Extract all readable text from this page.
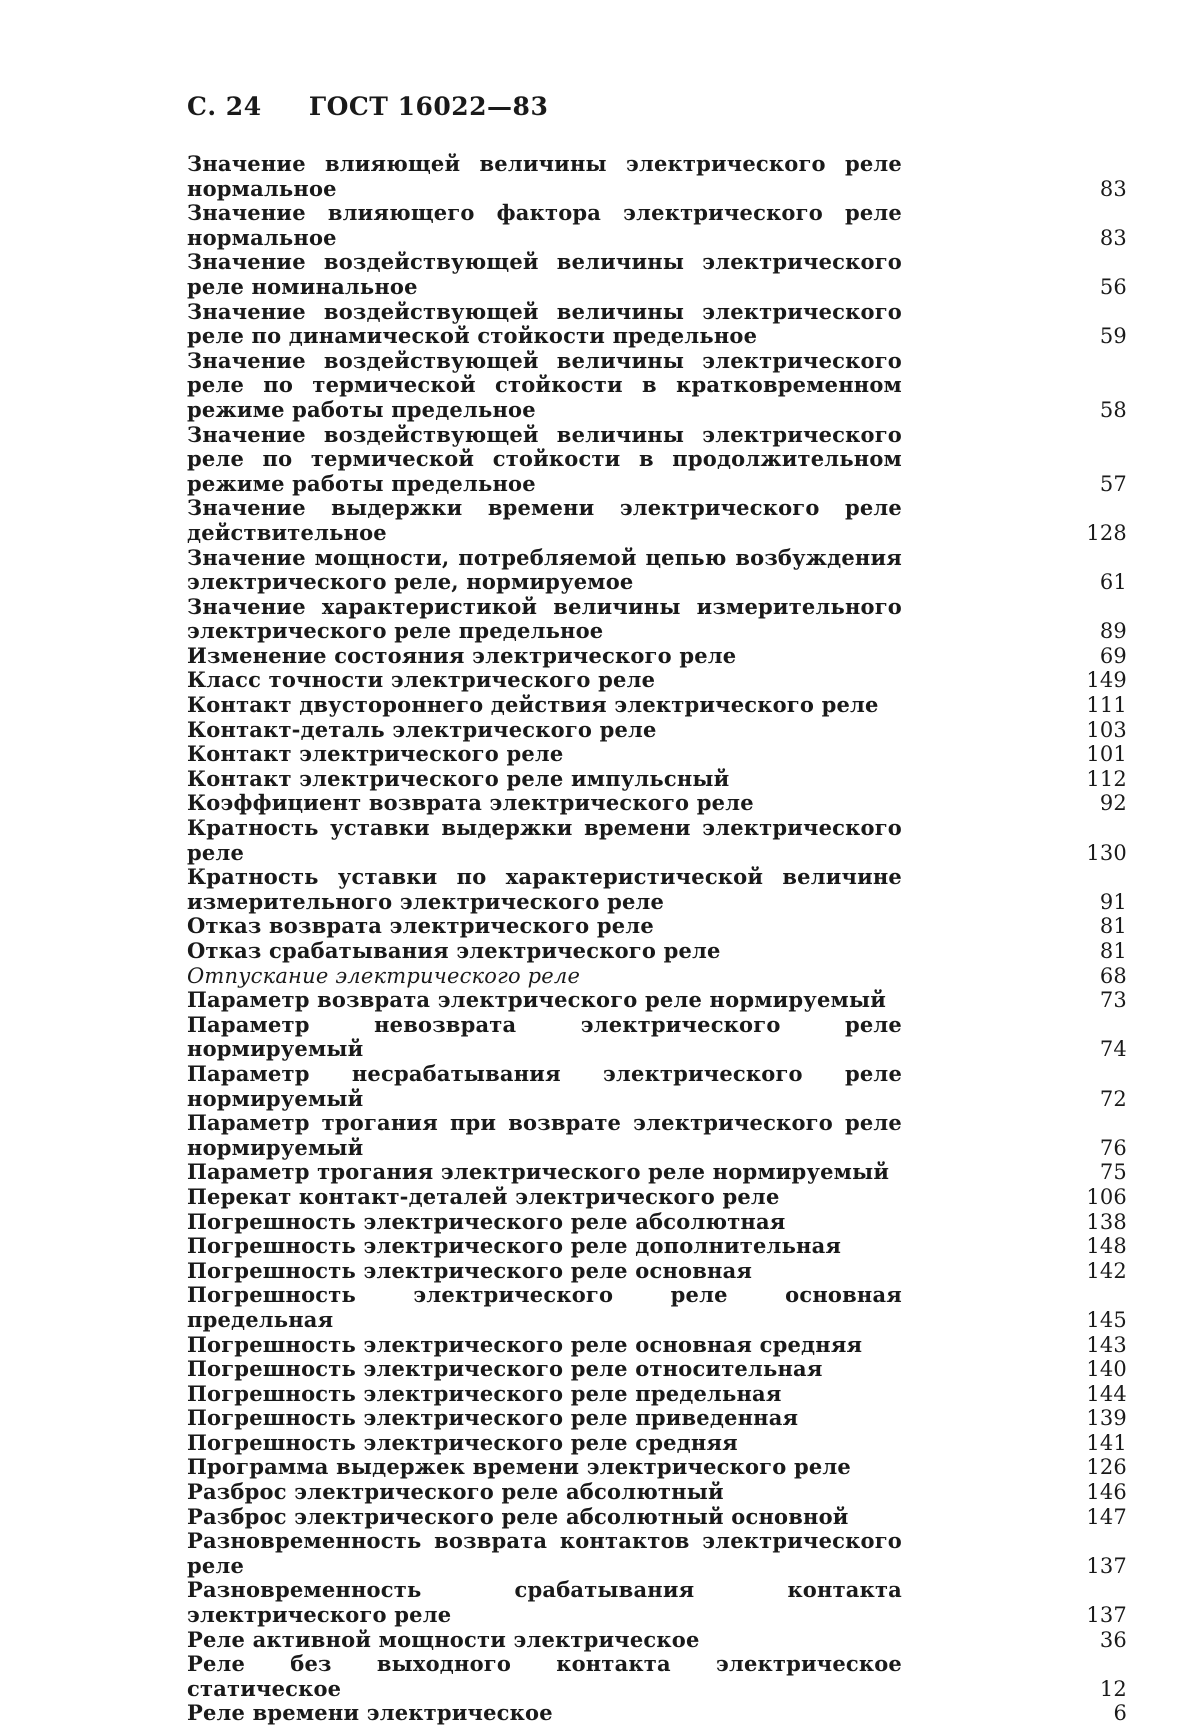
С. 24 ГОСТ 16022—83
Значение влияющей величины электрического реле нормальное	83
Значение влияющего фактора электрического реле нормальное	83
Значение воздействующей величины электрического реле номинальное	56
Значение воздействующей величины электрического реле по динамической стойкости предельное	59
Значение воздействующей величины электрического реле по термической стойкости в кратковременном режиме работы предельное	58
Значение воздействующей величины электрического реле по термической стойкости в продолжительном режиме работы предельное	57
Значение выдержки времени электрического реле действительное	128
Значение мощности, потребляемой цепью возбуждения электрического реле, нормируемое	61
Значение характеристикой величины измерительного электрического реле предельное	89
Изменение состояния электрического реле	69
Класс точности электрического реле	149
Контакт двустороннего действия электрического реле	111
Контакт-деталь электрического реле	103
Контакт электрического реле	101
Контакт электрического реле импульсный	112
Коэффициент возврата электрического реле	92
Кратность уставки выдержки времени электрического реле	130
Кратность уставки по характеристической величине измерительного электрического реле	91
Отказ возврата электрического реле	81
Отказ срабатывания электрического реле	81
Отпускание электрического реле	68
Параметр возврата электрического реле нормируемый	73
Параметр невозврата электрического реле нормируемый	74
Параметр несрабатывания электрического реле нормируемый	72
Параметр трогания при возврате электрического реле нормируемый	76
Параметр трогания электрического реле нормируемый	75
Перекат контакт-деталей электрического реле	106
Погрешность электрического реле абсолютная	138
Погрешность электрического реле дополнительная	148
Погрешность электрического реле основная	142
Погрешность электрического реле основная предельная	145
Погрешность электрического реле основная средняя	143
Погрешность электрического реле относительная	140
Погрешность электрического реле предельная	144
Погрешность электрического реле приведенная	139
Погрешность электрического реле средняя	141
Программа выдержек времени электрического реле	126
Разброс электрического реле абсолютный	146
Разброс электрического реле абсолютный основной	147
Разновременность возврата контактов электрического реле	137
Разновременность срабатывания контакта электрического реле	137
Реле активной мощности электрическое	36
Реле без выходного контакта электрическое статическое	12
Реле времени электрическое	6
